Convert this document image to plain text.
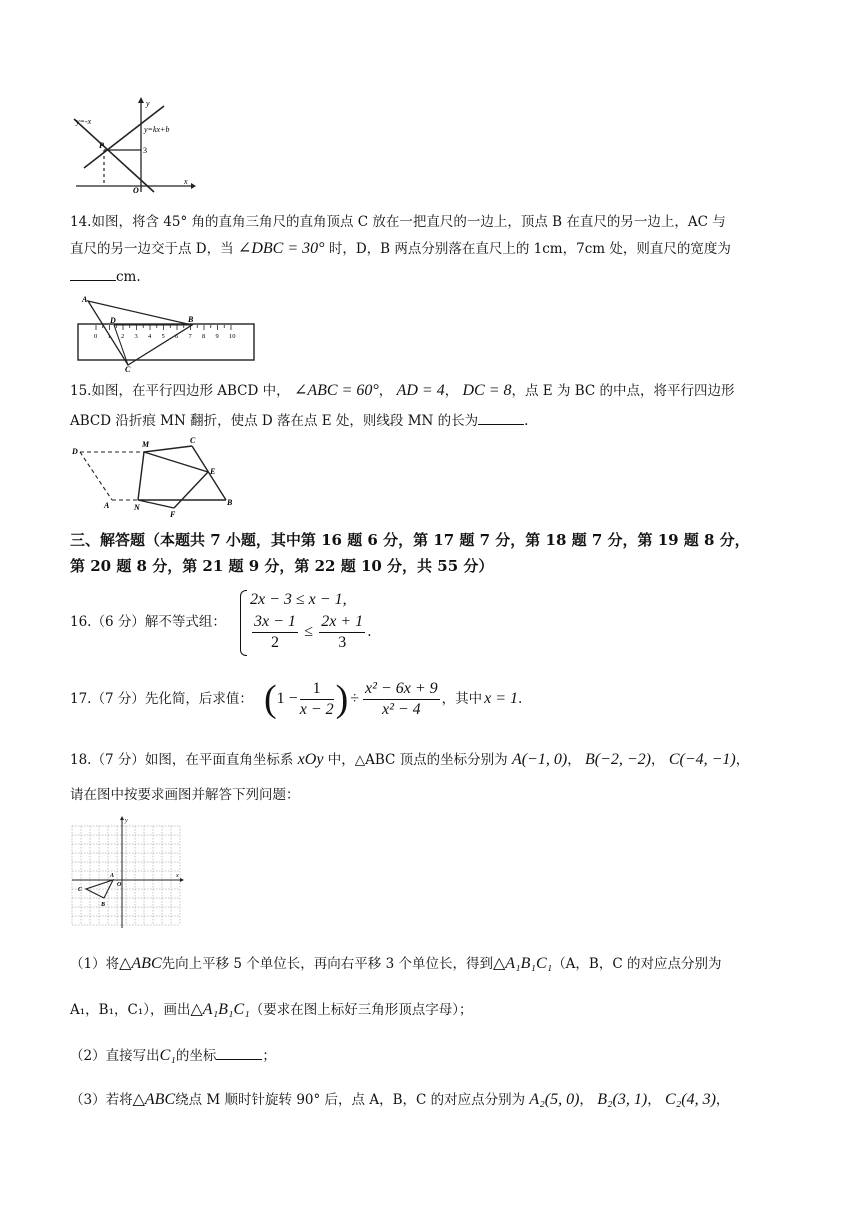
y=-x
y=kx+b
y
x
P
O
3
14.如图，将含 45° 角的直角三角尺的直角顶点 C 放在一把直尺的一边上，顶点 B 在直尺的另一边上，AC 与
直尺的另一边交于点 D，当 ∠DBC = 30° 时，D，B 两点分别落在直尺上的 1cm，7cm 处，则直尺的宽度为
cm.
0 1 2 3 4 5 6 7 8 9 10
A
D	B
C
15.如图，在平行四边形 ABCD 中， ∠ABC = 60°， AD = 4， DC = 8，点 E 为 BC 的中点，将平行四边形
ABCD 沿折痕 MN 翻折，使点 D 落在点 E 处，则线段 MN 的长为	.
D
M	C
E
A	N
F
B
三、解答题（本题共 7 小题，其中第 16 题 6 分，第 17 题 7 分，第 18 题 7 分，第 19 题 8 分，
第 20 题 8 分，第 21 题 9 分，第 22 题 10 分，共 55 分）
16.（6 分）解不等式组：
2x − 3 ≤ x − 1,
$\frac{3x - 1}{2} \le \frac{2x + 1}{3}$ .
17.（7 分）先化简，后求值： ( $1 - \frac{1}{x - 2}$ ) ÷ $\frac{\text{x² − 6x + 9}}{\text{x² − 4}}$ ，其中 x = 1 .
18.（7 分）如图，在平面直角坐标系 xOy 中，△ABC 顶点的坐标分别为 A(−1, 0)， B(−2, −2)， C(−4, −1)，
请在图中按要求画图并解答下列问题：
y
x
O
A
B
C
（1）将△ABC先向上平移 5 个单位长，再向右平移 3 个单位长，得到△A₁B₁C₁（A，B，C 的对应点分别为
A₁，B₁，C₁），画出△A₁B₁C₁（要求在图上标好三角形顶点字母）；
（2）直接写出C₁的坐标	；
（3）若将△ABC绕点 M 顺时针旋转 90° 后，点 A，B，C 的对应点分别为 A₂(5, 0)， B₂(3, 1)， C₂(4, 3)，
